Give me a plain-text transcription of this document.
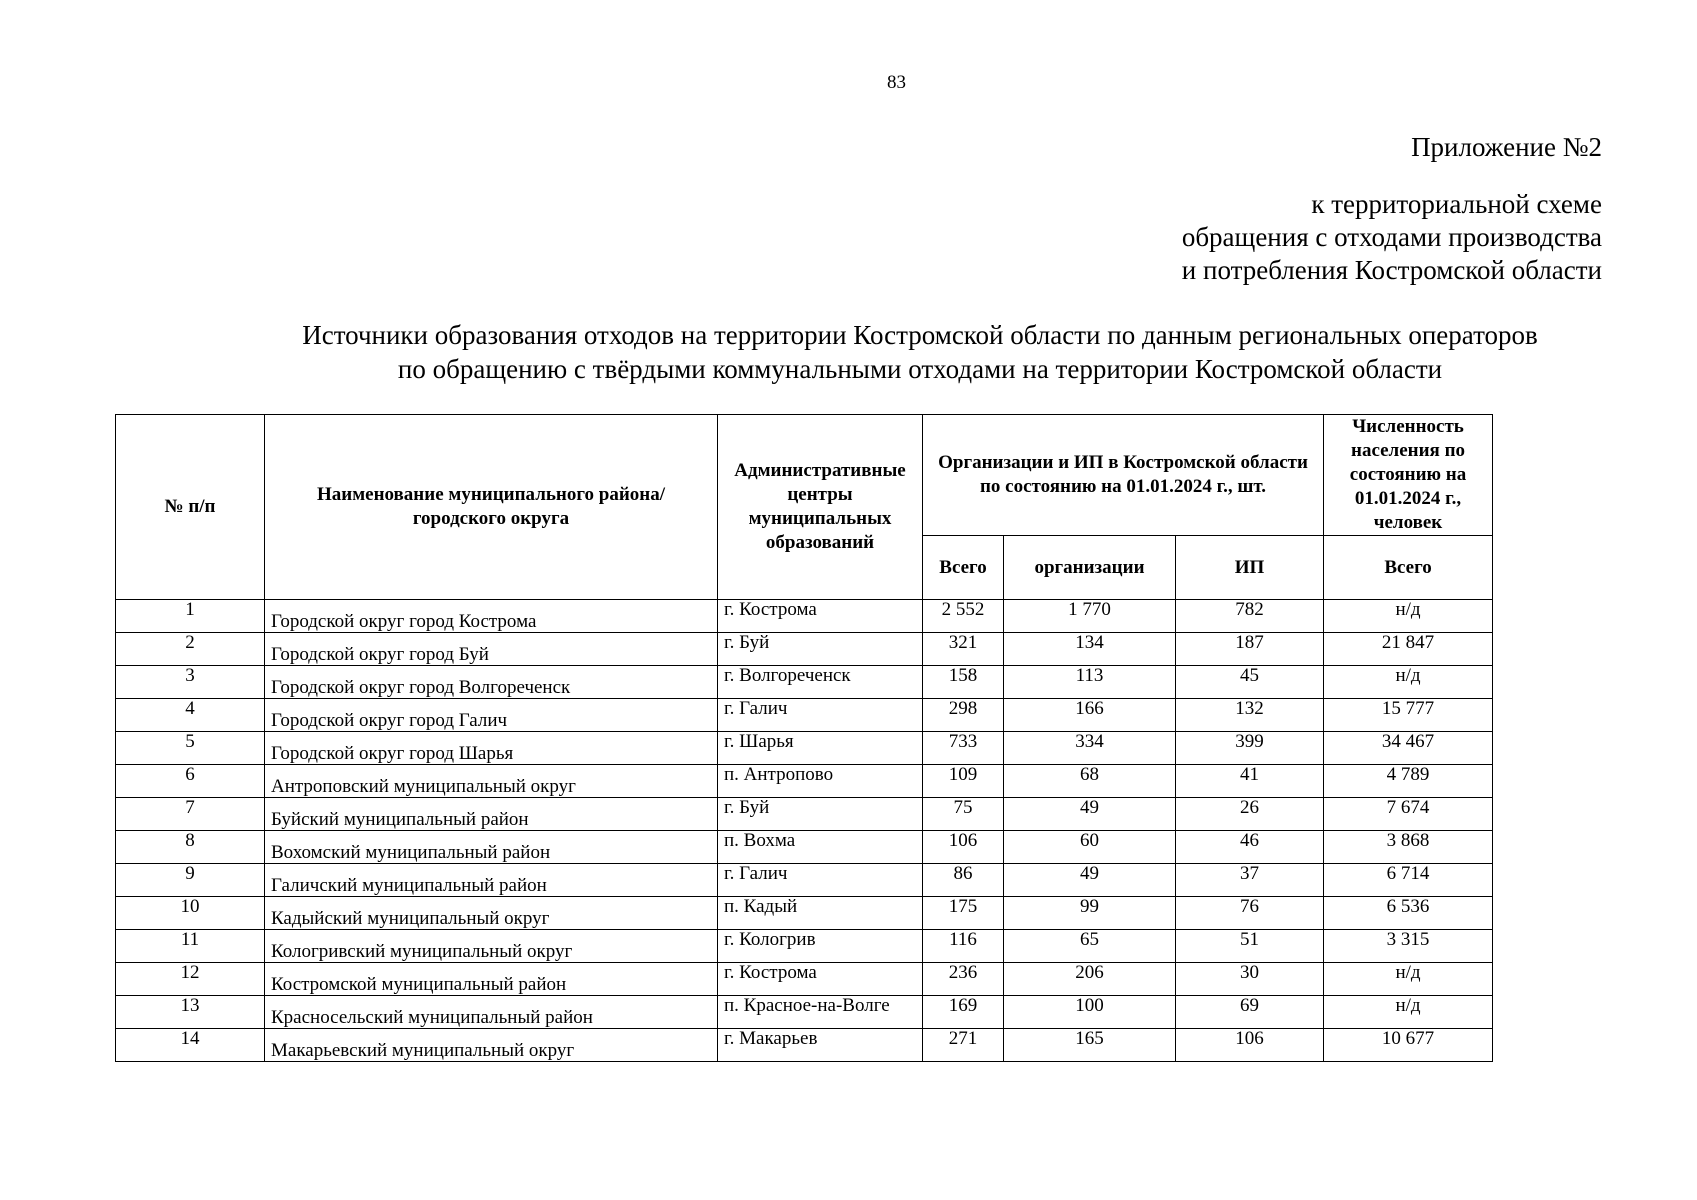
83
Приложение №2
к территориальной схеме
обращения с отходами производства
и потребления Костромской области
Источники образования отходов на территории Костромской области по данным региональных операторов
по обращению с твёрдыми коммунальными отходами на территории Костромской области
№ п/п	Наименование муниципального района/ городского округа	Административные центры муниципальных образований	Организации и ИП в Костромской области по состоянию на 01.01.2024 г., шт.			Численность населения по состоянию на 01.01.2024 г., человек
			Всего	организации	ИП	Всего
1	Городской округ город Кострома	г. Кострома	2 552	1 770	782	н/д
2	Городской округ город Буй	г. Буй	321	134	187	21 847
3	Городской округ город Волгореченск	г. Волгореченск	158	113	45	н/д
4	Городской округ город Галич	г. Галич	298	166	132	15 777
5	Городской округ город Шарья	г. Шарья	733	334	399	34 467
6	Антроповский муниципальный округ	п. Антропово	109	68	41	4 789
7	Буйский муниципальный район	г. Буй	75	49	26	7 674
8	Вохомский муниципальный район	п. Вохма	106	60	46	3 868
9	Галичский муниципальный район	г. Галич	86	49	37	6 714
10	Кадыйский муниципальный округ	п. Кадый	175	99	76	6 536
11	Кологривский муниципальный округ	г. Кологрив	116	65	51	3 315
12	Костромской муниципальный район	г. Кострома	236	206	30	н/д
13	Красносельский муниципальный район	п. Красное-на-Волге	169	100	69	н/д
14	Макарьевский муниципальный округ	г. Макарьев	271	165	106	10 677
